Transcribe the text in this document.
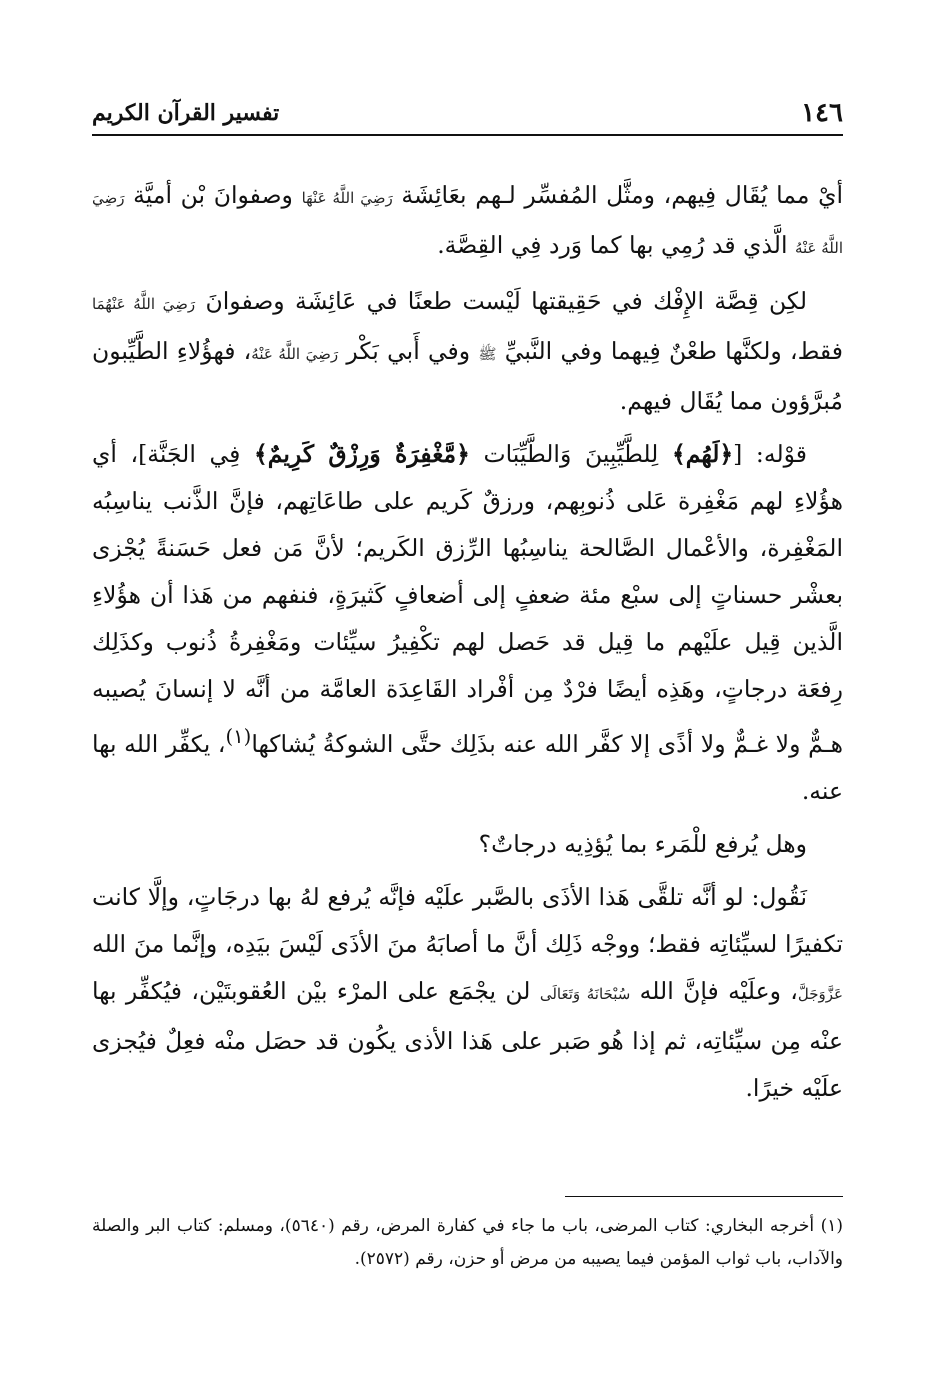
١٤٦
تفسير القرآن الكريم

أيْ مما يُقَال فِيهم، ومثَّل المُفسِّر لـهم بعَائِشَة رَضِيَ اللَّهُ عَنْهَا وصفوانَ بْن أميَّة رَضِيَ اللَّهُ عَنْهُ الَّذي قد رُمِي بها كما وَرد فِي القِصَّة.

لكِن قِصَّة الإِفْك في حَقِيقتها لَيْست طعنًا في عَائِشَة وصفوانَ رَضِيَ اللَّهُ عَنْهُمَا فقط، ولكنَّها طعْنٌ فِيهما وفي النَّبيِّ ﷺ وفي أَبي بَكْر رَضِيَ اللَّهُ عَنْهُ، فهؤُلاءِ الطَّيِّبون مُبرَّؤون مما يُقَال فيهم.

قوْله: [﴿لَهُم﴾ لِلطَّيِّبِينَ وَالطَّيِّبَات ﴿مَّغْفِرَةٌ وَرِزْقٌ كَرِيمٌ﴾ فِي الجَنَّة]، أي هؤُلاءِ لهم مَغْفِرة عَلى ذُنوبِهم، ورزقٌ كَريم على طاعَاتِهم، فإنَّ الذَّنب يناسِبُه المَغْفِرة، والأعْمال الصَّالحة يناسِبُها الرِّزق الكَريم؛ لأنَّ مَن فعل حَسَنةً يُجْزى بعشْر حسناتٍ إلى سبْع مئة ضعفٍ إلى أضعافٍ كَثيرَةٍ، فنفهم من هَذا أن هؤُلاءِ الَّذين قِيل علَيْهم ما قِيل قد حَصل لهم تكْفِيرُ سيِّئات ومَغْفِرةُ ذُنوب وكذَلِك رِفعَة درجاتٍ، وهَذِه أيضًا فرْدٌ مِن أفْراد القَاعِدَة العامَّة من أنَّه لا إنسانَ يُصيبه هـمٌّ ولا غـمٌّ ولا أذًى إلا كفَّر الله عنه بذَلِك حتَّى الشوكةُ يُشاكها$^{(١)}$، يكفِّر الله بها عنه.

وهل يُرفع للْمَرء بما يُؤذِيه درجاتٌ؟

نَقُول: لو أنَّه تلقَّى هَذا الأذَى بالصَّبر علَيْه فإنَّه يُرفع لهُ بها درجَاتٍ، وإلَّا كانت تكفيرًا لسيِّئاتِه فقط؛ ووجْه ذَلِك أنَّ ما أصابَهُ منَ الأذَى لَيْسَ بيَدِه، وإنَّما منَ الله عَزَّوَجَلَّ، وعلَيْه فإنَّ الله سُبْحَانَهُ وَتَعَالَى لن يجْمَع على المرْء بيْن العُقوبتَيْن، فيُكفِّر بها عنْه مِن سيِّئاتِه، ثم إذا هُو صَبر على هَذا الأذى يكُون قد حصَل منْه فعِلٌ فيُجزى علَيْه خيرًا.

(١) أخرجه البخاري: كتاب المرضى، باب ما جاء في كفارة المرض، رقم (٥٦٤٠)، ومسلم: كتاب البر والصلة والآداب، باب ثواب المؤمن فيما يصيبه من مرض أو حزن، رقم (٢٥٧٢).
